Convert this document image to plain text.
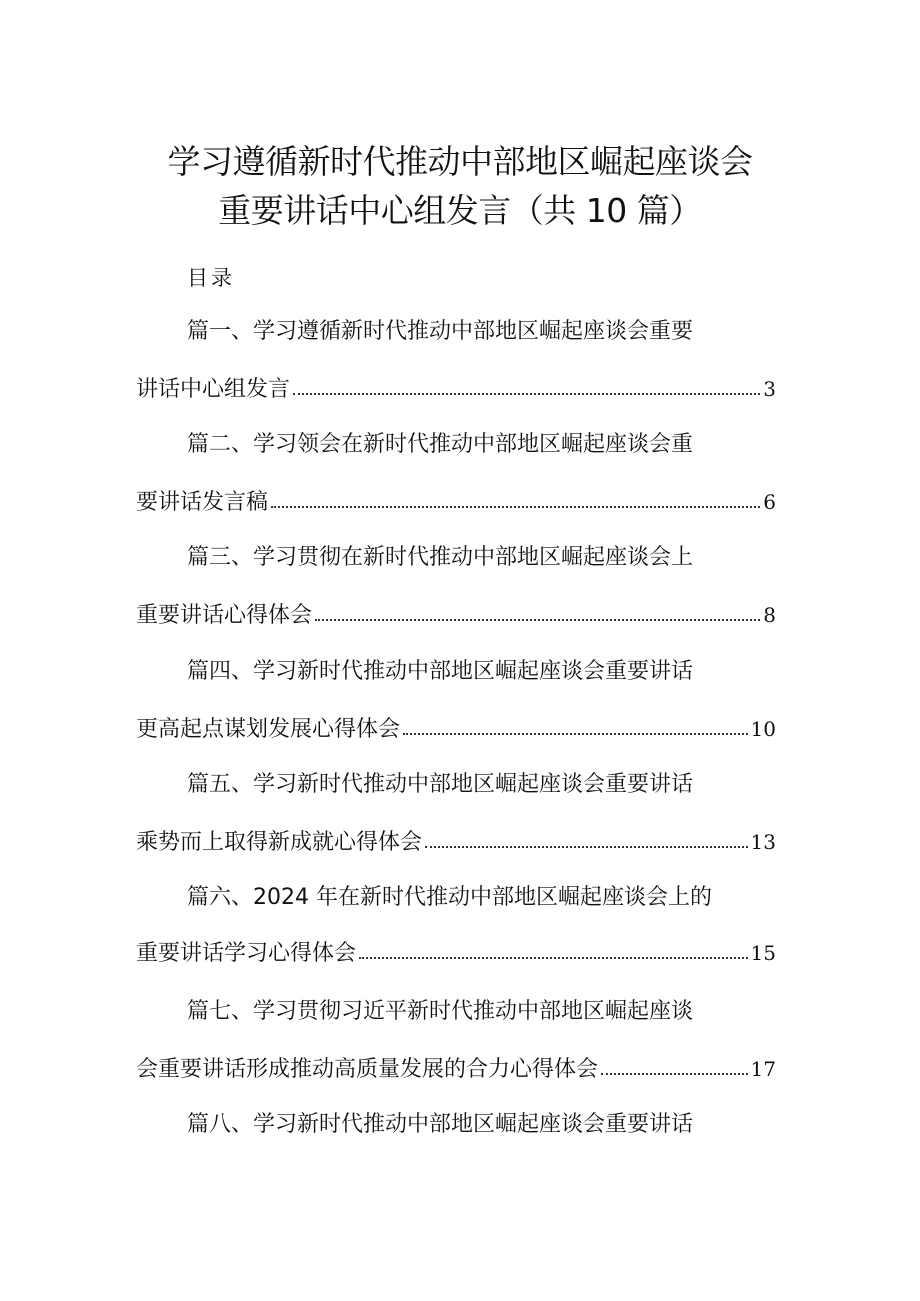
学习遵循新时代推动中部地区崛起座谈会
重要讲话中心组发言（共 10 篇）
目录
篇一、学习遵循新时代推动中部地区崛起座谈会重要
讲话中心组发言	3
篇二、学习领会在新时代推动中部地区崛起座谈会重
要讲话发言稿	6
篇三、学习贯彻在新时代推动中部地区崛起座谈会上
重要讲话心得体会	8
篇四、学习新时代推动中部地区崛起座谈会重要讲话
更高起点谋划发展心得体会	10
篇五、学习新时代推动中部地区崛起座谈会重要讲话
乘势而上取得新成就心得体会	13
篇六、2024 年在新时代推动中部地区崛起座谈会上的
重要讲话学习心得体会	15
篇七、学习贯彻习近平新时代推动中部地区崛起座谈
会重要讲话形成推动高质量发展的合力心得体会	17
篇八、学习新时代推动中部地区崛起座谈会重要讲话
